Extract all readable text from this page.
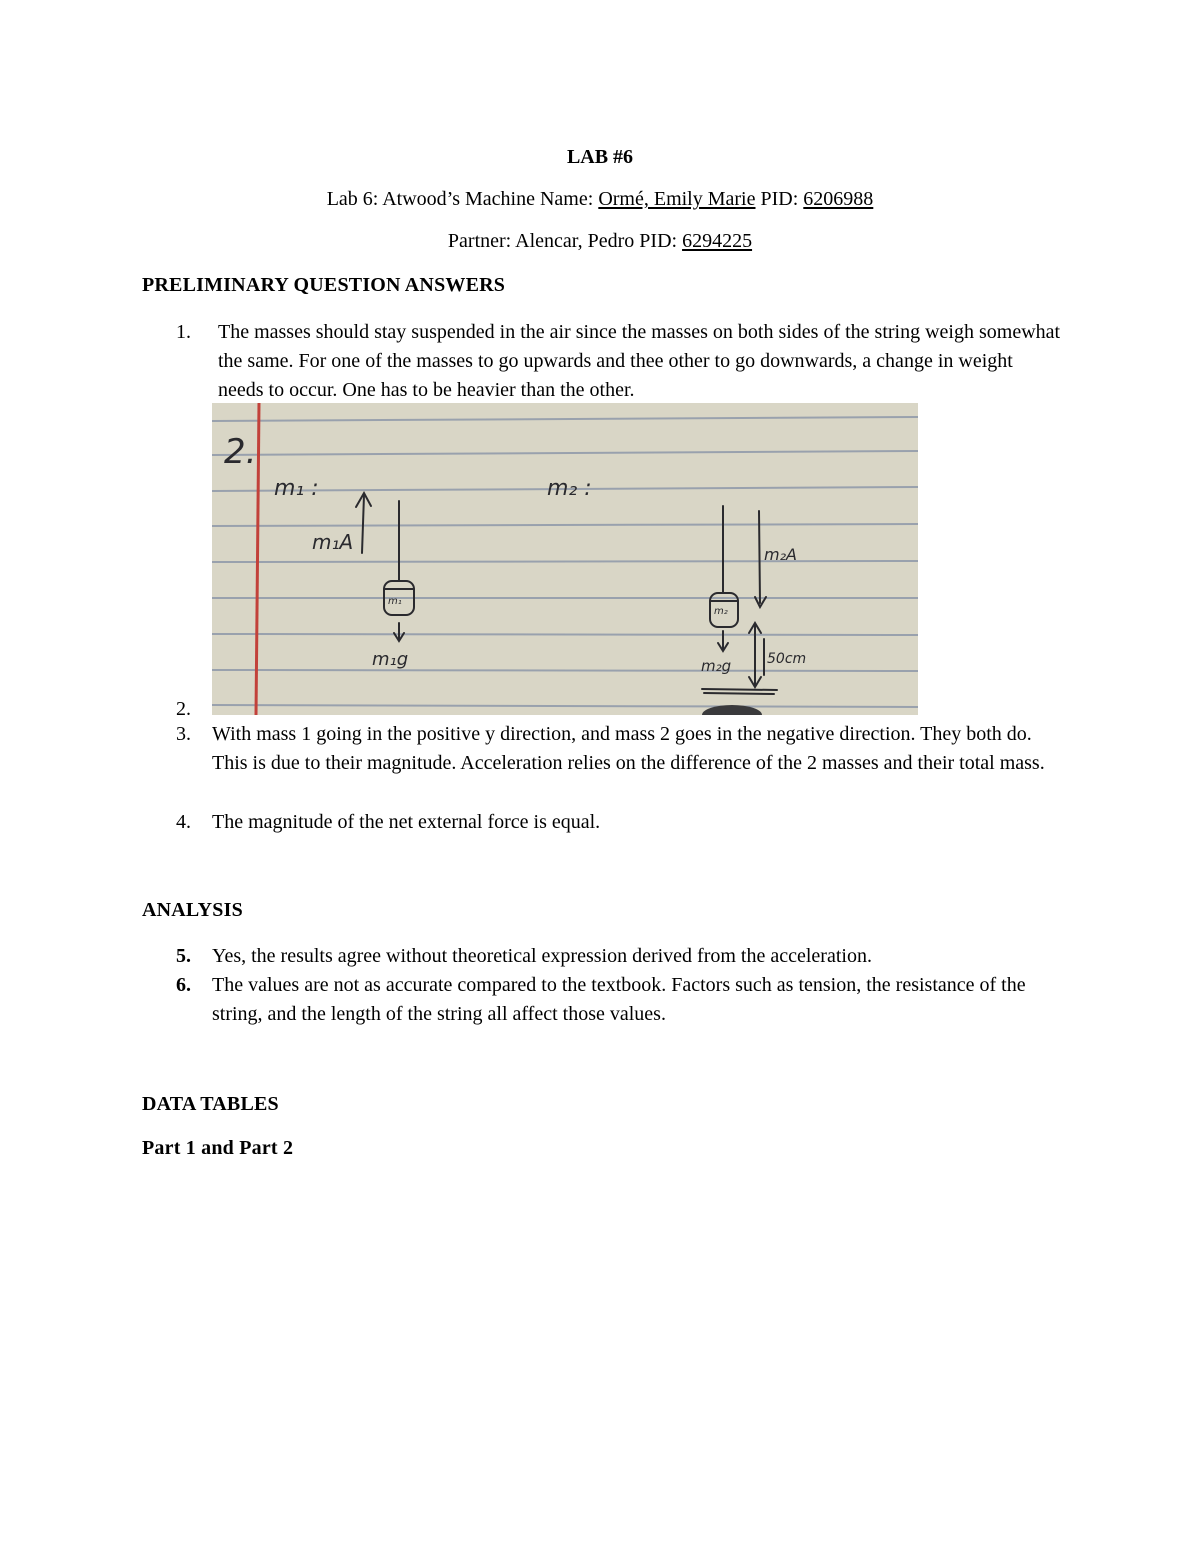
LAB #6
Lab 6: Atwood’s Machine Name: Ormé, Emily Marie PID: 6206988
Partner: Alencar, Pedro PID: 6294225
PRELIMINARY QUESTION ANSWERS
1. The masses should stay suspended in the air since the masses on both sides of the string weigh somewhat the same. For one of the masses to go upwards and thee other to go downwards, a change in weight needs to occur. One has to be heavier than the other.
2.
m₁ :	m₂ :
m₁A
m₂A
m₁
m₂
m₁g	m₂g	50cm
2.
3. With mass 1 going in the positive y direction, and mass 2 goes in the negative direction. They both do. This is due to their magnitude. Acceleration relies on the difference of the 2 masses and their total mass.
4. The magnitude of the net external force is equal.
ANALYSIS
5. Yes, the results agree without theoretical expression derived from the acceleration.
6. The values are not as accurate compared to the textbook. Factors such as tension, the resistance of the string, and the length of the string all affect those values.
DATA TABLES
Part 1 and Part 2
